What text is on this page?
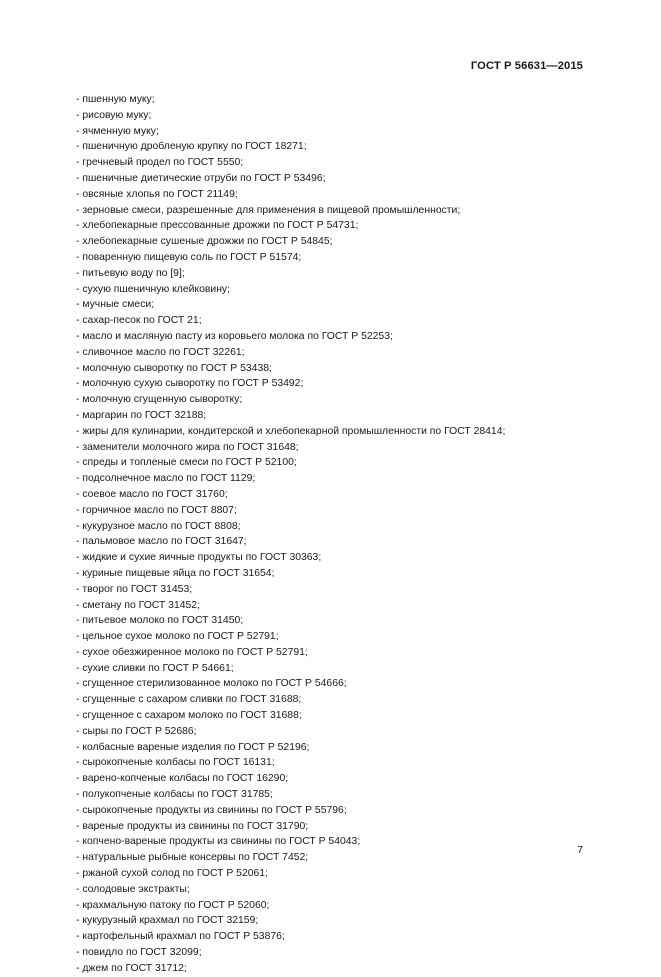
ГОСТ Р 56631—2015
- пшенную муку;
- рисовую муку;
- ячменную муку;
- пшеничную дробленую крупку по ГОСТ 18271;
- гречневый продел по ГОСТ 5550;
- пшеничные диетические отруби по ГОСТ Р 53496;
- овсяные хлопья по ГОСТ 21149;
- зерновые смеси, разрешенные для применения в пищевой промышленности;
- хлебопекарные прессованные дрожжи по ГОСТ Р 54731;
- хлебопекарные сушеные дрожжи по ГОСТ Р 54845;
- поваренную пищевую соль по ГОСТ Р 51574;
- питьевую воду по [9];
- сухую пшеничную клейковину;
- мучные смеси;
- сахар-песок по ГОСТ 21;
- масло и масляную пасту из коровьего молока по ГОСТ Р 52253;
- сливочное масло по ГОСТ 32261;
- молочную сыворотку по ГОСТ Р 53438;
- молочную сухую сыворотку по ГОСТ Р 53492;
- молочную сгущенную сыворотку;
- маргарин по ГОСТ 32188;
- жиры для кулинарии, кондитерской и хлебопекарной промышленности по ГОСТ 28414;
- заменители молочного жира по ГОСТ 31648;
- спреды и топленые смеси по ГОСТ Р 52100;
- подсолнечное масло по ГОСТ 1129;
- соевое масло по ГОСТ 31760;
- горчичное масло по ГОСТ 8807;
- кукурузное масло по ГОСТ 8808;
- пальмовое масло по ГОСТ 31647;
- жидкие и сухие яичные продукты по ГОСТ 30363;
- куриные пищевые яйца по ГОСТ 31654;
- творог по ГОСТ 31453;
- сметану по ГОСТ 31452;
- питьевое молоко по ГОСТ 31450;
- цельное сухое молоко по ГОСТ Р 52791;
- сухое обезжиренное молоко по ГОСТ Р 52791;
- сухие сливки по ГОСТ Р 54661;
- сгущенное стерилизованное молоко по ГОСТ Р 54666;
- сгущенные с сахаром сливки по ГОСТ 31688;
- сгущенное с сахаром молоко по ГОСТ 31688;
- сыры по ГОСТ Р 52686;
- колбасные вареные изделия по ГОСТ Р 52196;
- сырокопченые колбасы по ГОСТ 16131;
- варено-копченые колбасы по ГОСТ 16290;
- полукопченые колбасы по ГОСТ 31785;
- сырокопченые продукты из свинины по ГОСТ Р 55796;
- вареные продукты из свинины по ГОСТ 31790;
- копчено-вареные продукты из свинины по ГОСТ Р 54043;
- натуральные рыбные консервы по ГОСТ 7452;
- ржаной сухой солод по ГОСТ Р 52061;
- солодовые экстракты;
- крахмальную патоку по ГОСТ Р 52060;
- кукурузный крахмал по ГОСТ 32159;
- картофельный крахмал по ГОСТ Р 53876;
- повидло по ГОСТ 32099;
- джем по ГОСТ 31712;
7
